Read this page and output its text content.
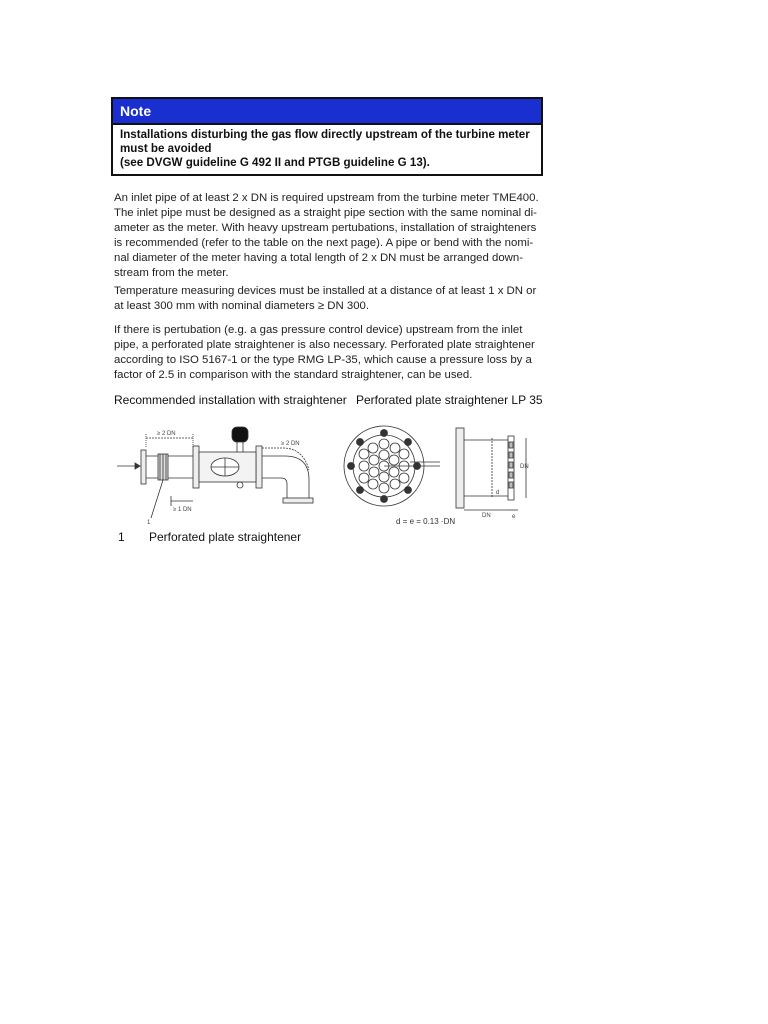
Note
Installations disturbing the gas flow directly upstream of the turbine meter
must be avoided
(see DVGW guideline G 492 II and PTGB guideline G 13).
An inlet pipe of at least 2 x DN is required upstream from the turbine meter TME400.
The inlet pipe must be designed as a straight pipe section with the same nominal di-
ameter as the meter. With heavy upstream pertubations, installation of straighteners
is recommended (refer to the table on the next page). A pipe or bend with the nomi-
nal diameter of the meter having a total length of 2 x DN must be arranged down-
stream from the meter.
Temperature measuring devices must be installed at a distance of at least 1 x DN or
at least 300 mm with nominal diameters ≥ DN 300.
If there is pertubation (e.g. a gas pressure control device) upstream from the inlet
pipe, a perforated plate straightener is also necessary. Perforated plate straightener
according to ISO 5167-1 or the type RMG LP-35, which cause a pressure loss by a
factor of 2.5 in comparison with the standard straightener, can be used.
Recommended installation with straightener Perforated plate straightener LP 35
≥ 2 DN
≥ 1 DN
≥ 2 DN
1
DN
DN
d
e
d = e = 0.13 ·DN
1 Perforated plate straightener
